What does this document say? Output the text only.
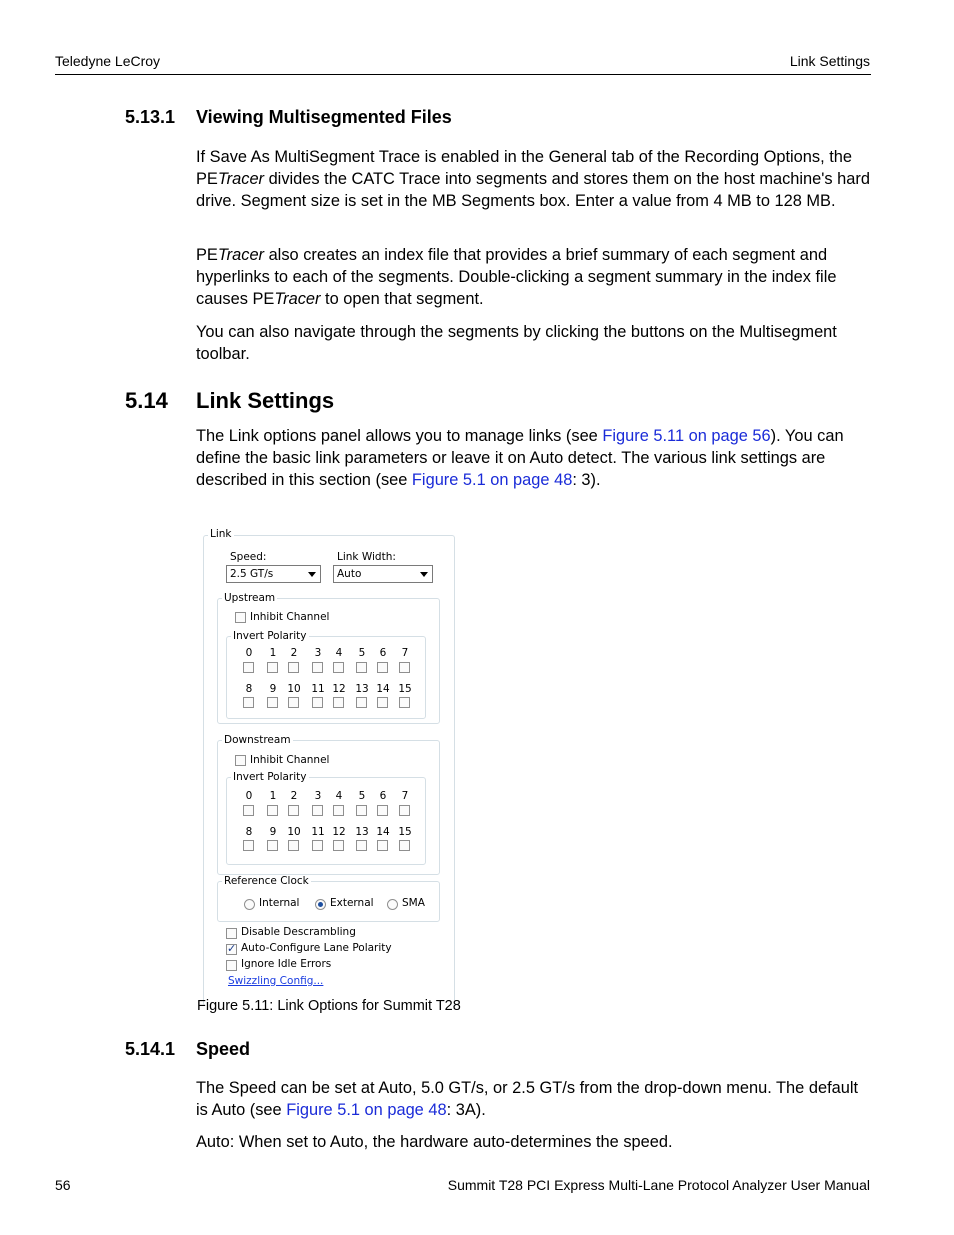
Teledyne LeCroy	Link Settings
5.13.1 Viewing Multisegmented Files
If Save As MultiSegment Trace is enabled in the General tab of the Recording Options, the PETracer divides the CATC Trace into segments and stores them on the host machine's hard drive. Segment size is set in the MB Segments box. Enter a value from 4 MB to 128 MB.
PETracer also creates an index file that provides a brief summary of each segment and hyperlinks to each of the segments. Double-clicking a segment summary in the index file causes PETracer to open that segment.
You can also navigate through the segments by clicking the buttons on the Multisegment toolbar.
5.14 Link Settings
The Link options panel allows you to manage links (see Figure 5.11 on page 56). You can define the basic link parameters or leave it on Auto detect. The various link settings are described in this section (see Figure 5.1 on page 48: 3).
Link
Speed:
2.5 GT/s
Link Width:
Auto
Upstream
Inhibit Channel
Invert Polarity
0	1	2	3	4	5	6	7
8	9	10	11 12 13 14 15
Downstream
Inhibit Channel
Invert Polarity
0	1	2	3	4	5	6	7
8	9	10	11 12 13 14 15
Reference Clock
Internal	External	SMA
Disable Descrambling
✓
Auto-Configure Lane Polarity
Ignore Idle Errors
Swizzling Config...
Figure 5.11: Link Options for Summit T28
5.14.1 Speed
The Speed can be set at Auto, 5.0 GT/s, or 2.5 GT/s from the drop-down menu. The default is Auto (see Figure 5.1 on page 48: 3A).
Auto: When set to Auto, the hardware auto-determines the speed.
56	Summit T28 PCI Express Multi-Lane Protocol Analyzer User Manual
